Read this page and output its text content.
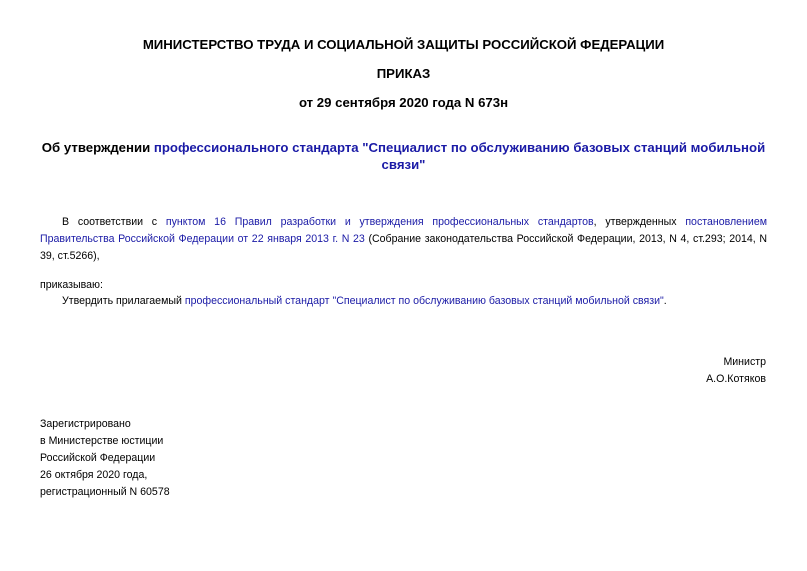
МИНИСТЕРСТВО ТРУДА И СОЦИАЛЬНОЙ ЗАЩИТЫ РОССИЙСКОЙ ФЕДЕРАЦИИ

ПРИКАЗ

от 29 сентября 2020 года N 673н

Об утверждении профессионального стандарта "Специалист по обслуживанию базовых станций мобильной связи"

В соответствии с пунктом 16 Правил разработки и утверждения профессиональных стандартов, утвержденных постановлением Правительства Российской Федерации от 22 января 2013 г. N 23 (Собрание законодательства Российской Федерации, 2013, N 4, ст.293; 2014, N 39, ст.5266),

приказываю:

Утвердить прилагаемый профессиональный стандарт "Специалист по обслуживанию базовых станций мобильной связи".

Министр
А.О.Котяков
Зарегистрировано
в Министерстве юстиции
Российской Федерации
26 октября 2020 года,
регистрационный N 60578
